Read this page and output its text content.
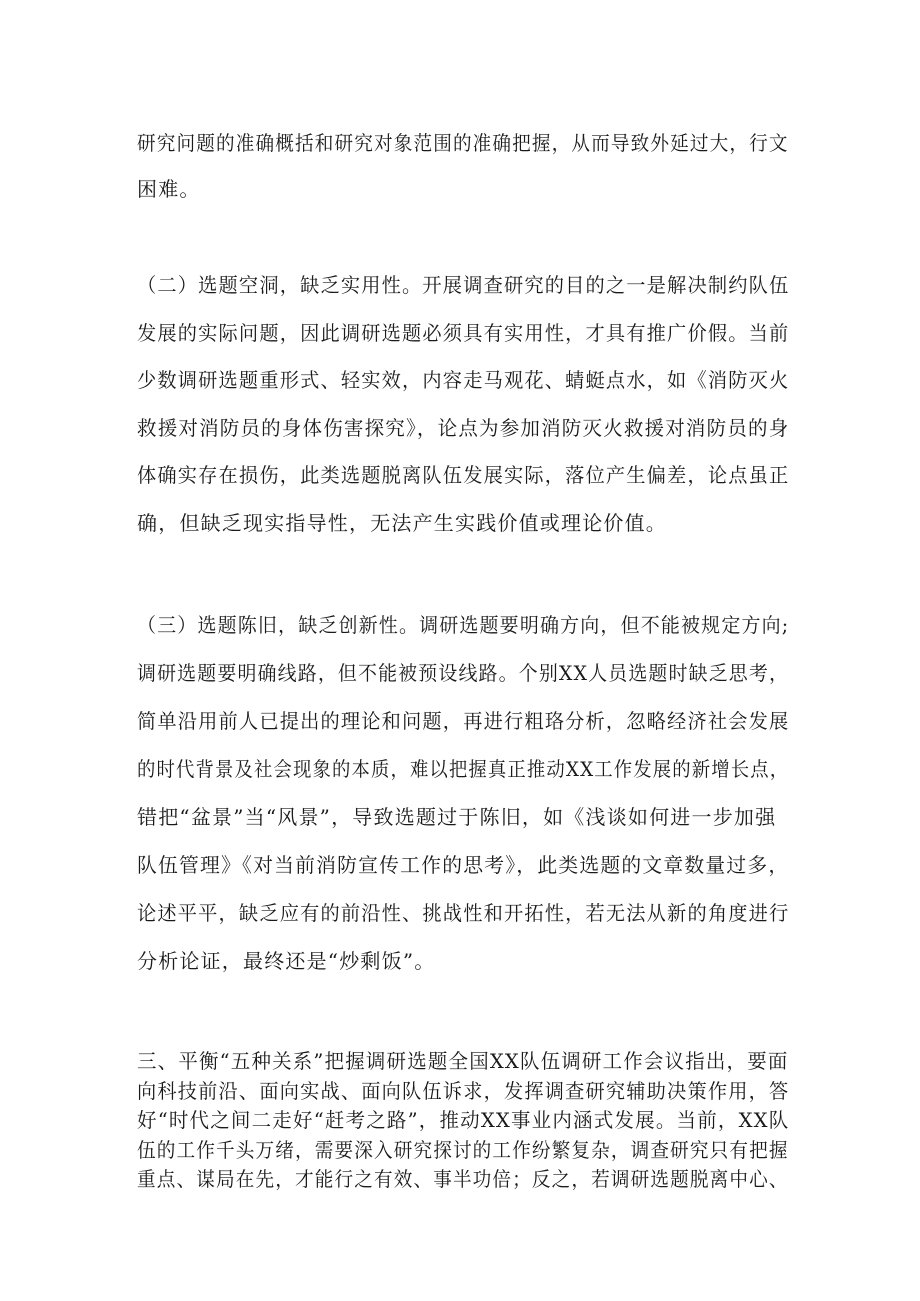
研究问题的准确概括和研究对象范围的准确把握，从而导致外延过大，行文
困难。

（二）选题空洞，缺乏实用性。开展调查研究的目的之一是解决制约队伍
发展的实际问题，因此调研选题必须具有实用性，才具有推广价假。当前
少数调研选题重形式、轻实效，内容走马观花、蜻蜓点水，如《消防灭火
救援对消防员的身体伤害探究》，论点为参加消防灭火救援对消防员的身
体确实存在损伤，此类选题脱离队伍发展实际，落位产生偏差，论点虽正
确，但缺乏现实指导性，无法产生实践价值或理论价值。

（三）选题陈旧，缺乏创新性。调研选题要明确方向，但不能被规定方向;
调研选题要明确线路，但不能被预设线路。个别XX人员选题时缺乏思考，
简单沿用前人已提出的理论和问题，再进行粗珞分析，忽略经济社会发展
的时代背景及社会现象的本质，难以把握真正推动XX工作发展的新增长点，
错把“盆景”当“风景”，导致选题过于陈旧，如《浅谈如何进一步加强
队伍管理》《对当前消防宣传工作的思考》，此类选题的文章数量过多，
论述平平，缺乏应有的前沿性、挑战性和开拓性，若无法从新的角度进行
分析论证，最终还是“炒剩饭”。

三、平衡“五种关系”把握调研选题全国XX队伍调研工作会议指出，要面
向科技前沿、面向实战、面向队伍诉求，发挥调查研究辅助决策作用，答
好“时代之间二走好“赶考之路”，推动XX事业内涵式发展。当前，XX队
伍的工作千头万绪，需要深入研究探讨的工作纷繁复杂，调查研究只有把握
重点、谋局在先，才能行之有效、事半功倍；反之，若调研选题脱离中心、
